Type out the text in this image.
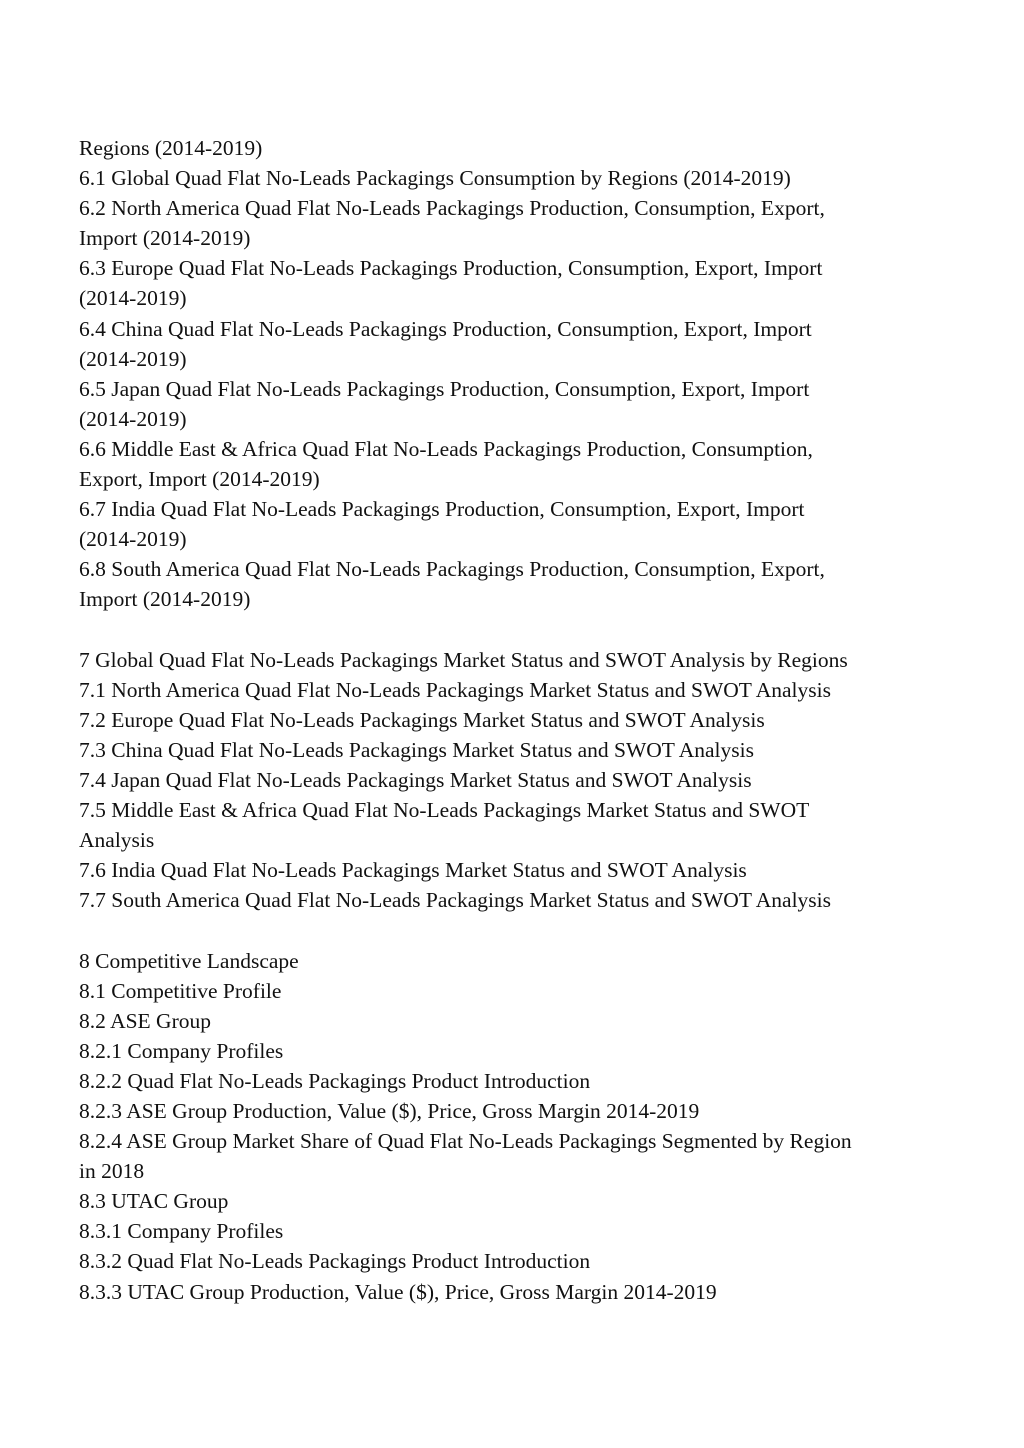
Regions (2014-2019)
6.1 Global Quad Flat No-Leads Packagings Consumption by Regions (2014-2019)
6.2 North America Quad Flat No-Leads Packagings Production, Consumption, Export,
Import (2014-2019)
6.3 Europe Quad Flat No-Leads Packagings Production, Consumption, Export, Import
(2014-2019)
6.4 China Quad Flat No-Leads Packagings Production, Consumption, Export, Import
(2014-2019)
6.5 Japan Quad Flat No-Leads Packagings Production, Consumption, Export, Import
(2014-2019)
6.6 Middle East & Africa Quad Flat No-Leads Packagings Production, Consumption,
Export, Import (2014-2019)
6.7 India Quad Flat No-Leads Packagings Production, Consumption, Export, Import
(2014-2019)
6.8 South America Quad Flat No-Leads Packagings Production, Consumption, Export,
Import (2014-2019)
7 Global Quad Flat No-Leads Packagings Market Status and SWOT Analysis by Regions
7.1 North America Quad Flat No-Leads Packagings Market Status and SWOT Analysis
7.2 Europe Quad Flat No-Leads Packagings Market Status and SWOT Analysis
7.3 China Quad Flat No-Leads Packagings Market Status and SWOT Analysis
7.4 Japan Quad Flat No-Leads Packagings Market Status and SWOT Analysis
7.5 Middle East & Africa Quad Flat No-Leads Packagings Market Status and SWOT
Analysis
7.6 India Quad Flat No-Leads Packagings Market Status and SWOT Analysis
7.7 South America Quad Flat No-Leads Packagings Market Status and SWOT Analysis
8 Competitive Landscape
8.1 Competitive Profile
8.2 ASE Group
8.2.1 Company Profiles
8.2.2 Quad Flat No-Leads Packagings Product Introduction
8.2.3 ASE Group Production, Value ($), Price, Gross Margin 2014-2019
8.2.4 ASE Group Market Share of Quad Flat No-Leads Packagings Segmented by Region
in 2018
8.3 UTAC Group
8.3.1 Company Profiles
8.3.2 Quad Flat No-Leads Packagings Product Introduction
8.3.3 UTAC Group Production, Value ($), Price, Gross Margin 2014-2019
